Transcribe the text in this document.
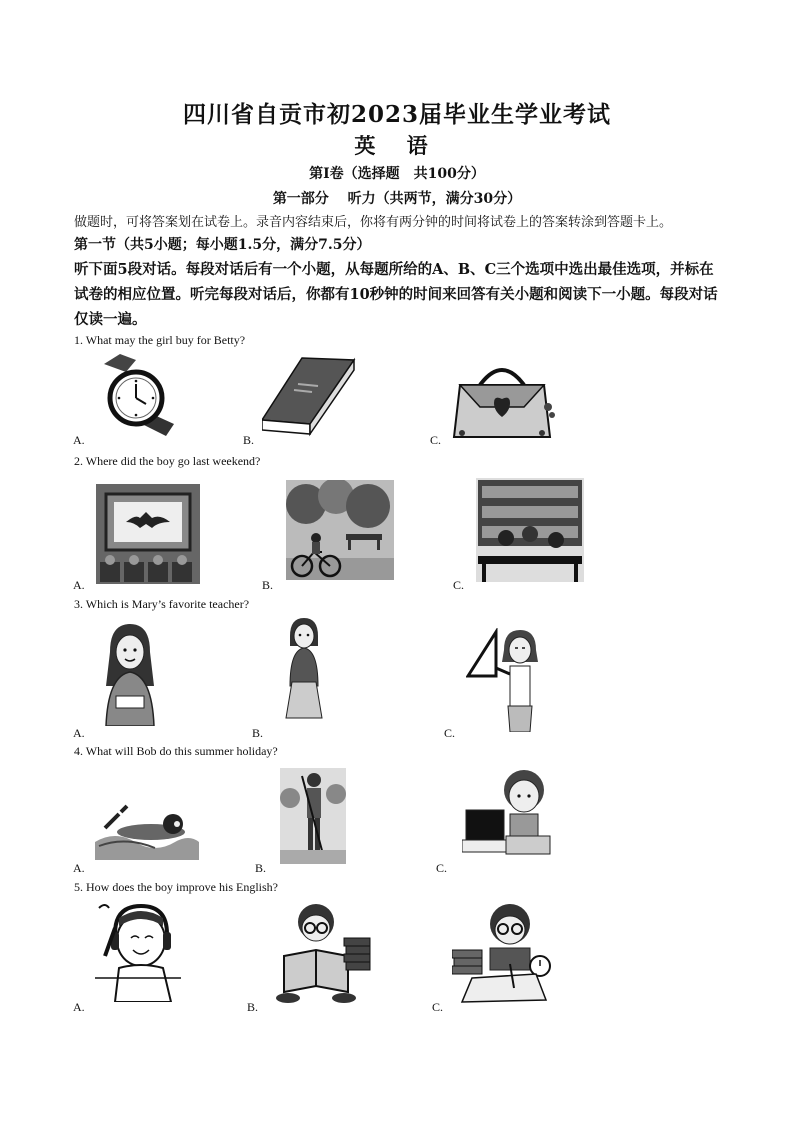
四川省自贡市初2023届毕业生学业考试
英 语
第Ⅰ卷（选择题　共100分）
第一部分　 听力（共两节，满分30分）
做题时，可将答案划在试卷上。录音内容结束后，你将有两分钟的时间将试卷上的答案转涂到答题卡上。
第一节（共5小题；每小题1.5分，满分7.5分）
听下面5段对话。每段对话后有一个小题，从每题所给的A、B、C三个选项中选出最佳选项，并标在试卷的相应位置。听完每段对话后，你都有10秒钟的时间来回答有关小题和阅读下一小题。每段对话仅读一遍。
1. What may the girl buy for Betty?
A.	B.	C.
2. Where did the boy go last weekend?
A.	B.	C.
3. Which is Mary’s favorite teacher?
A.	B.	C.
4. What will Bob do this summer holiday?
A.	B.	C.
5. How does the boy improve his English?
A.	B.	C.
